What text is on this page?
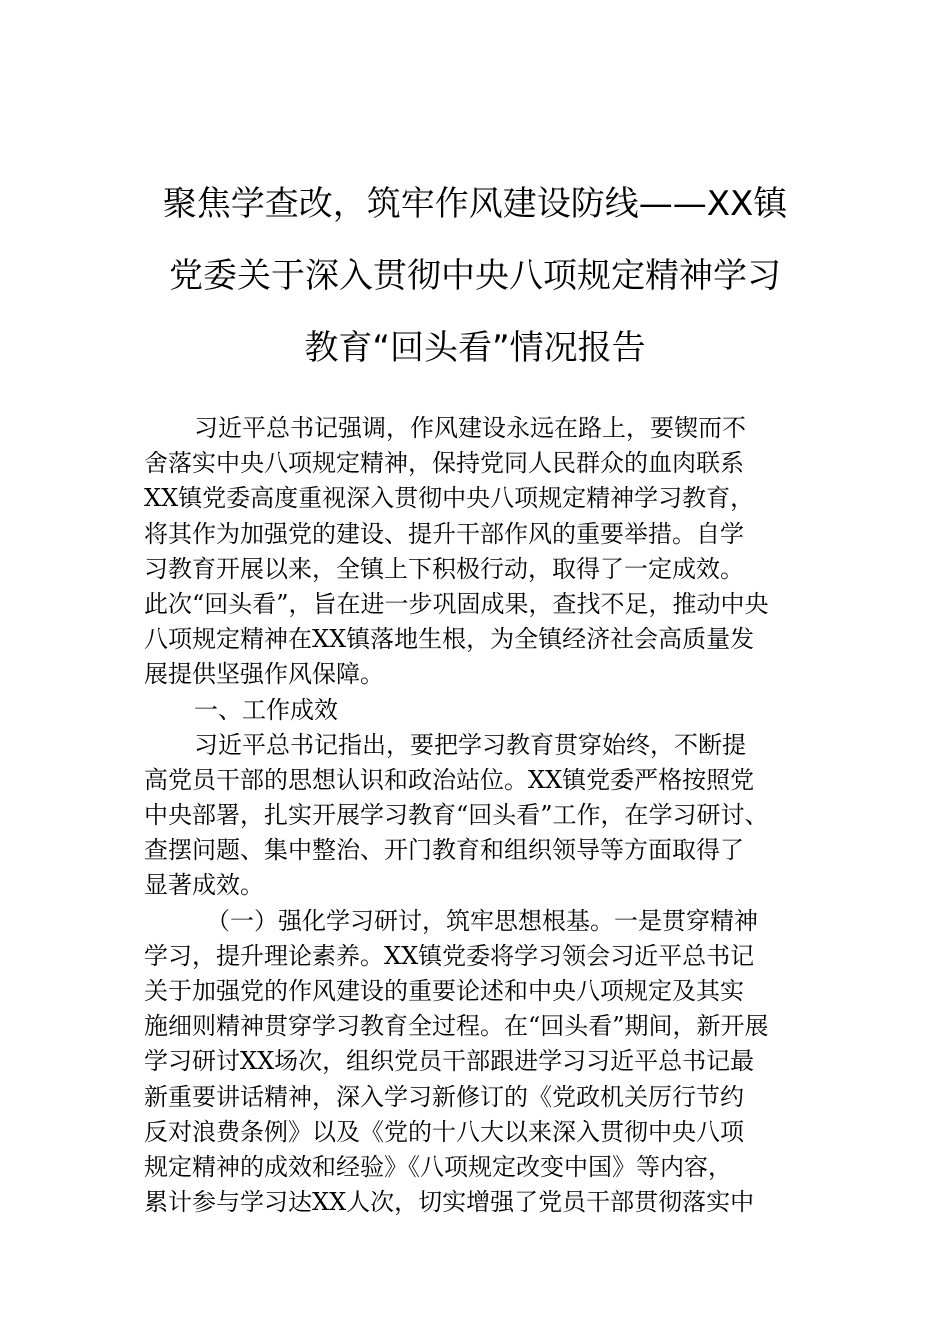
聚焦学查改，筑牢作风建设防线——XX镇
党委关于深入贯彻中央八项规定精神学习
教育“回头看”情况报告
习近平总书记强调，作风建设永远在路上，要锲而不
舍落实中央八项规定精神，保持党同人民群众的血肉联系
XX镇党委高度重视深入贯彻中央八项规定精神学习教育，
将其作为加强党的建设、提升干部作风的重要举措。自学
习教育开展以来，全镇上下积极行动，取得了一定成效。
此次“回头看”，旨在进一步巩固成果，查找不足，推动中央
八项规定精神在XX镇落地生根，为全镇经济社会高质量发
展提供坚强作风保障。
一、工作成效
习近平总书记指出，要把学习教育贯穿始终，不断提
高党员干部的思想认识和政治站位。XX镇党委严格按照党
中央部署，扎实开展学习教育“回头看”工作，在学习研讨、
查摆问题、集中整治、开门教育和组织领导等方面取得了
显著成效。
（一）强化学习研讨，筑牢思想根基。一是贯穿精神
学习，提升理论素养。XX镇党委将学习领会习近平总书记
关于加强党的作风建设的重要论述和中央八项规定及其实
施细则精神贯穿学习教育全过程。在“回头看”期间，新开展
学习研讨XX场次，组织党员干部跟进学习习近平总书记最
新重要讲话精神，深入学习新修订的《党政机关厉行节约
反对浪费条例》以及《党的十八大以来深入贯彻中央八项
规定精神的成效和经验》《八项规定改变中国》等内容，
累计参与学习达XX人次，切实增强了党员干部贯彻落实中
